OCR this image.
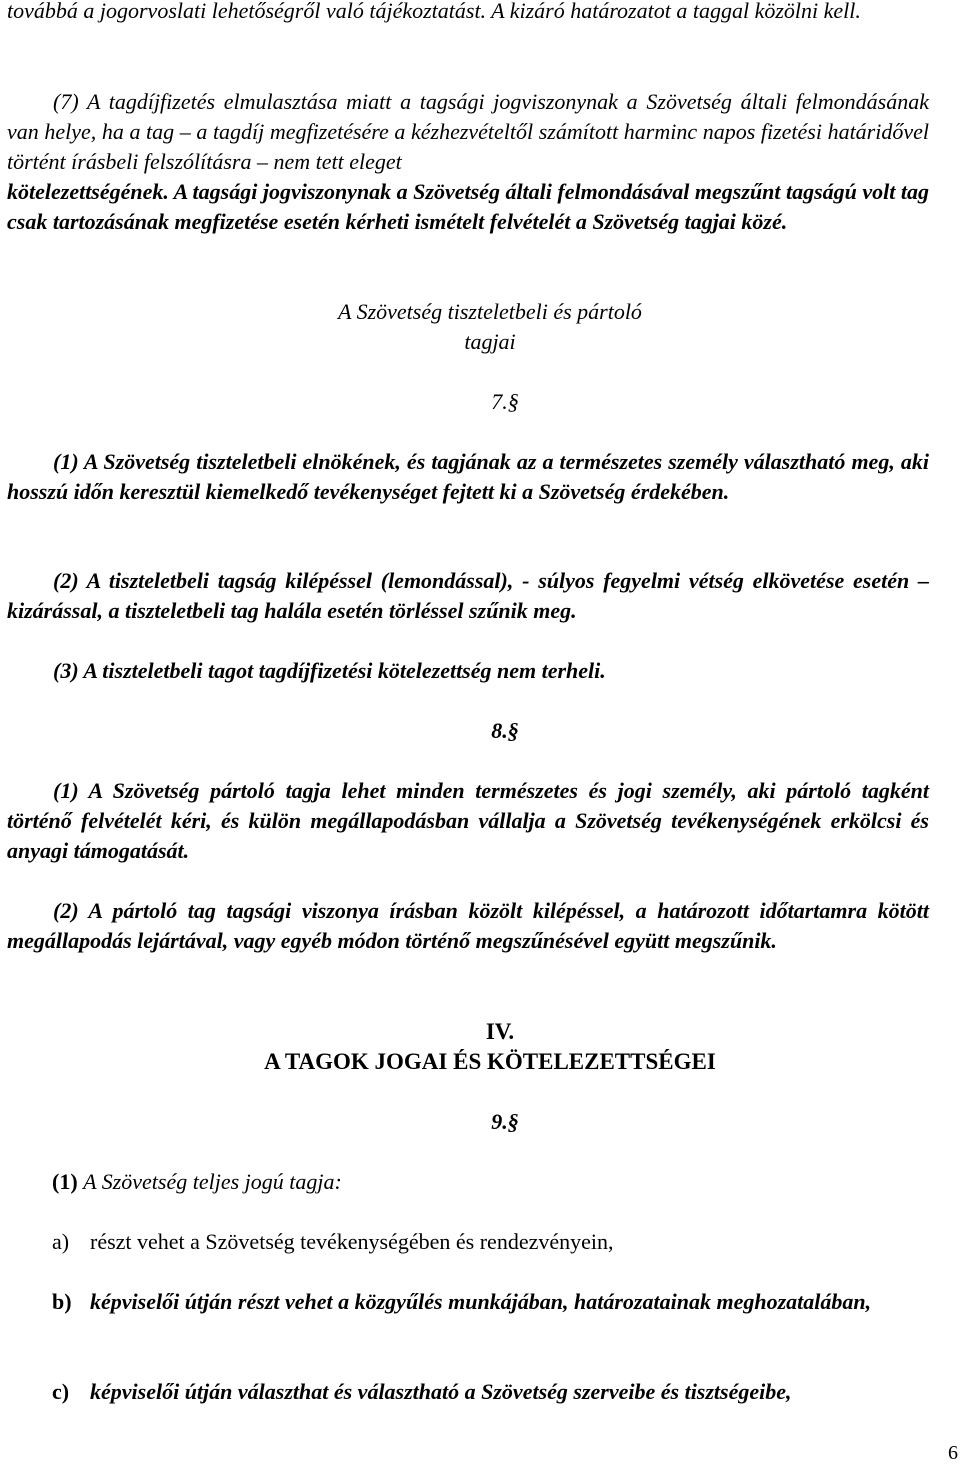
továbbá a jogorvoslati lehetőségről való tájékoztatást. A kizáró határozatot a taggal közölni kell.

(7) A tagdíjfizetés elmulasztása miatt a tagsági jogviszonynak a Szövetség általi felmondásának van helye, ha a tag – a tagdíj megfizetésére a kézhezvételtől számított harminc napos fizetési határidővel történt írásbeli felszólításra – nem tett eleget

kötelezettségének. A tagsági jogviszonynak a Szövetség általi felmondásával megszűnt tagságú volt tag csak tartozásának megfizetése esetén kérheti ismételt felvételét a Szövetség tagjai közé.

A Szövetség tiszteletbeli és pártoló tagjai

7.§

(1) A Szövetség tiszteletbeli elnökének, és tagjának az a természetes személy választható meg, aki hosszú időn keresztül kiemelkedő tevékenységet fejtett ki a Szövetség érdekében.

(2) A tiszteletbeli tagság kilépéssel (lemondással), - súlyos fegyelmi vétség elkövetése esetén – kizárással, a tiszteletbeli tag halála esetén törléssel szűnik meg.

(3) A tiszteletbeli tagot tagdíjfizetési kötelezettség nem terheli.

8.§

(1) A Szövetség pártoló tagja lehet minden természetes és jogi személy, aki pártoló tagként történő felvételét kéri, és külön megállapodásban vállalja a Szövetség tevékenységének erkölcsi és anyagi támogatását.

(2) A pártoló tag tagsági viszonya írásban közölt kilépéssel, a határozott időtartamra kötött megállapodás lejártával, vagy egyéb módon történő megszűnésével együtt megszűnik.

IV.

A TAGOK JOGAI ÉS KÖTELEZETTSÉGEI

9.§

(1) A Szövetség teljes jogú tagja:

a) részt vehet a Szövetség tevékenységében és rendezvényein,

b) képviselői útján részt vehet a közgyűlés munkájában, határozatainak meghozatalában,
c) képviselői útján választhat és választható a Szövetség szerveibe és tisztségeibe,
6
